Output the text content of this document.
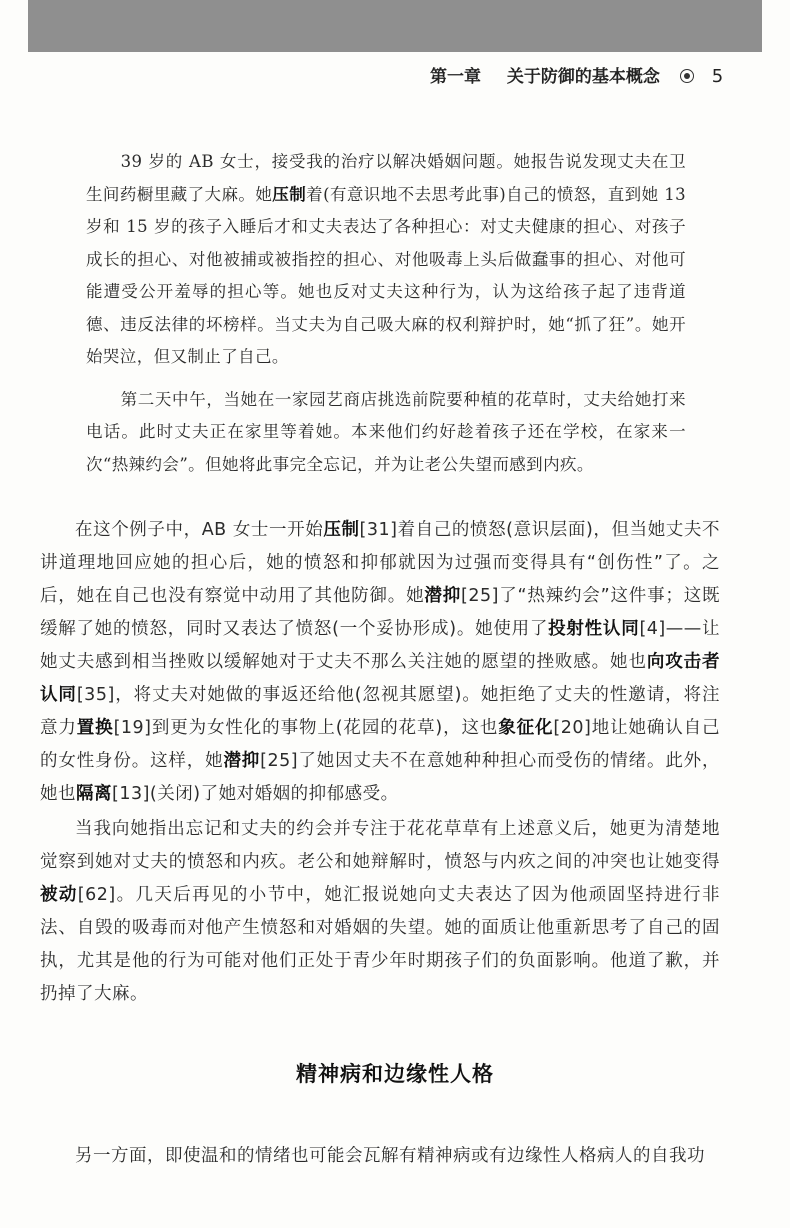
第一章 关于防御的基本概念	5

39 岁的 AB 女士，接受我的治疗以解决婚姻问题。她报告说发现丈夫在卫生间药橱里藏了大麻。她压制着(有意识地不去思考此事)自己的愤怒，直到她 13 岁和 15 岁的孩子入睡后才和丈夫表达了各种担心：对丈夫健康的担心、对孩子成长的担心、对他被捕或被指控的担心、对他吸毒上头后做蠢事的担心、对他可能遭受公开羞辱的担心等。她也反对丈夫这种行为，认为这给孩子起了违背道德、违反法律的坏榜样。当丈夫为自己吸大麻的权利辩护时，她“抓了狂”。她开始哭泣，但又制止了自己。

第二天中午，当她在一家园艺商店挑选前院要种植的花草时，丈夫给她打来电话。此时丈夫正在家里等着她。本来他们约好趁着孩子还在学校，在家来一次“热辣约会”。但她将此事完全忘记，并为让老公失望而感到内疚。

在这个例子中，AB 女士一开始压制[31]着自己的愤怒(意识层面)，但当她丈夫不讲道理地回应她的担心后，她的愤怒和抑郁就因为过强而变得具有“创伤性”了。之后，她在自己也没有察觉中动用了其他防御。她潜抑[25]了“热辣约会”这件事；这既缓解了她的愤怒，同时又表达了愤怒(一个妥协形成)。她使用了投射性认同[4]——让她丈夫感到相当挫败以缓解她对于丈夫不那么关注她的愿望的挫败感。她也向攻击者认同[35]，将丈夫对她做的事返还给他(忽视其愿望)。她拒绝了丈夫的性邀请，将注意力置换[19]到更为女性化的事物上(花园的花草)，这也象征化[20]地让她确认自己的女性身份。这样，她潜抑[25]了她因丈夫不在意她种种担心而受伤的情绪。此外，她也隔离[13](关闭)了她对婚姻的抑郁感受。

当我向她指出忘记和丈夫的约会并专注于花花草草有上述意义后，她更为清楚地觉察到她对丈夫的愤怒和内疚。老公和她辩解时，愤怒与内疚之间的冲突也让她变得被动[62]。几天后再见的小节中，她汇报说她向丈夫表达了因为他顽固坚持进行非法、自毁的吸毒而对他产生愤怒和对婚姻的失望。她的面质让他重新思考了自己的固执，尤其是他的行为可能对他们正处于青少年时期孩子们的负面影响。他道了歉，并扔掉了大麻。

精神病和边缘性人格

另一方面，即使温和的情绪也可能会瓦解有精神病或有边缘性人格病人的自我功
